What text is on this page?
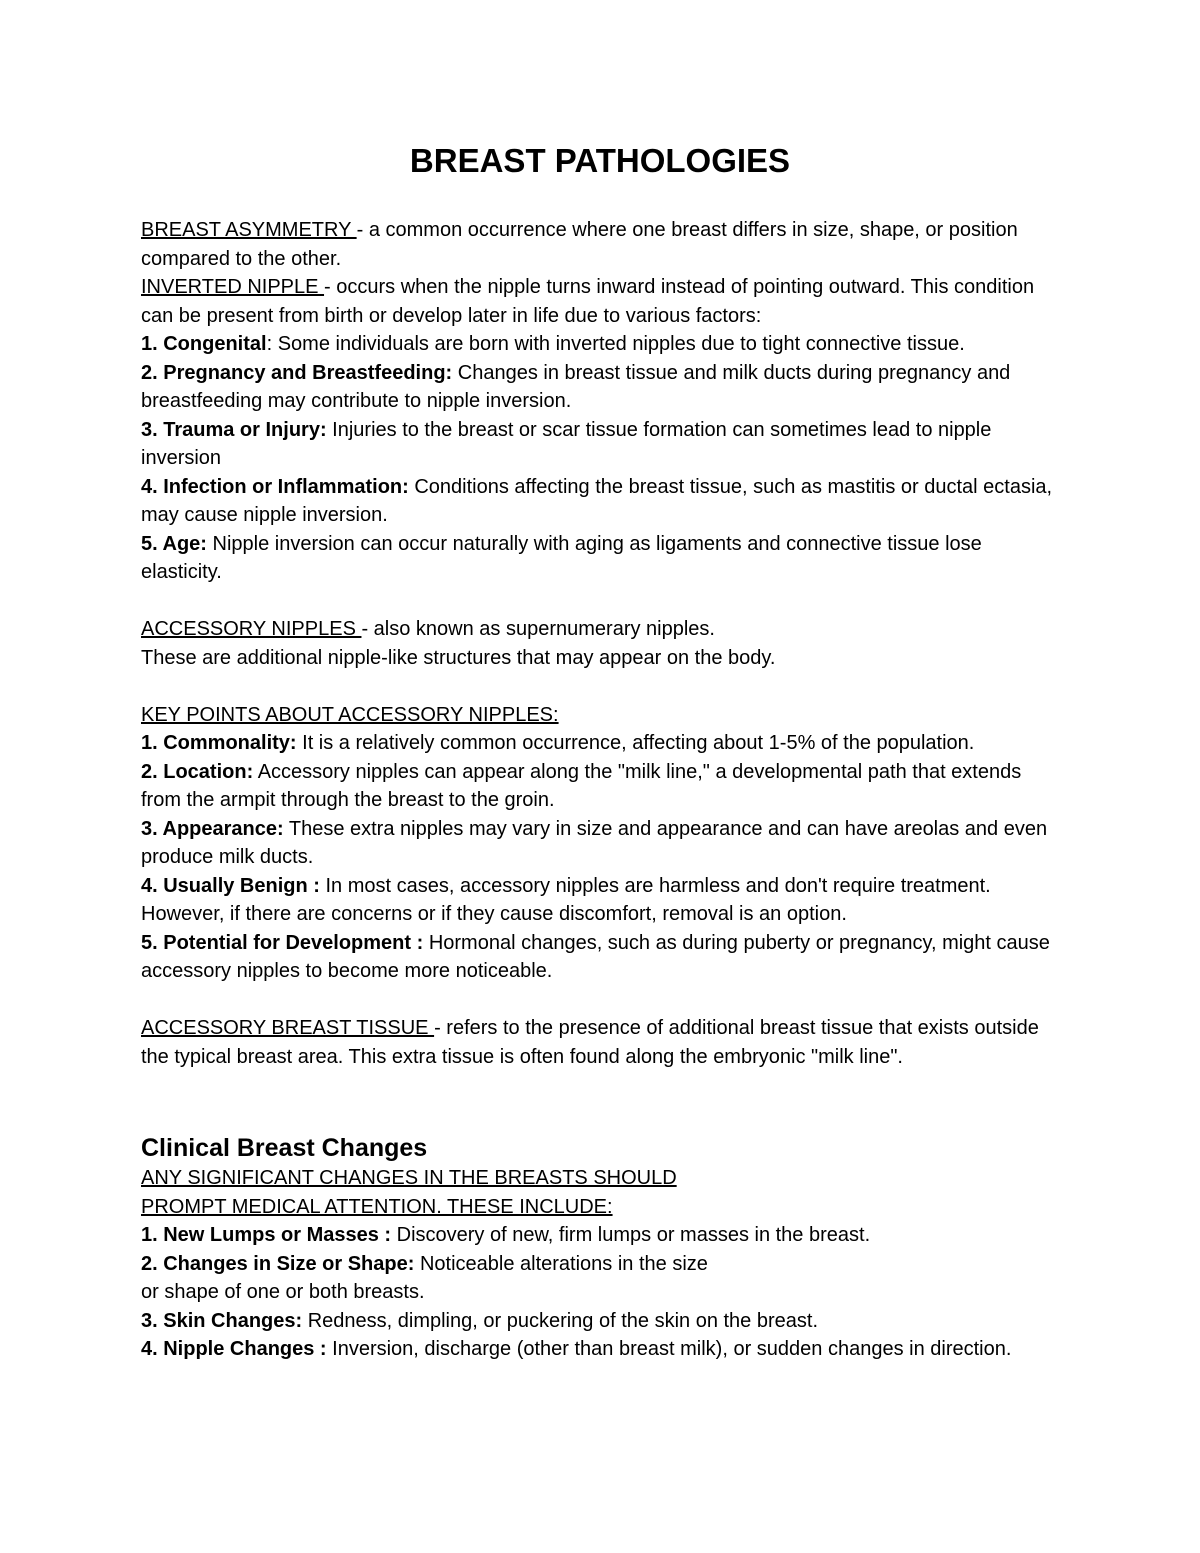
BREAST PATHOLOGIES

BREAST ASYMMETRY - a common occurrence where one breast differs in size, shape, or position compared to the other.

INVERTED NIPPLE - occurs when the nipple turns inward instead of pointing outward. This condition can be present from birth or develop later in life due to various factors:

1. Congenital: Some individuals are born with inverted nipples due to tight connective tissue.

2. Pregnancy and Breastfeeding: Changes in breast tissue and milk ducts during pregnancy and breastfeeding may contribute to nipple inversion.

3. Trauma or Injury: Injuries to the breast or scar tissue formation can sometimes lead to nipple inversion

4. Infection or Inflammation: Conditions affecting the breast tissue, such as mastitis or ductal ectasia, may cause nipple inversion.

5. Age: Nipple inversion can occur naturally with aging as ligaments and connective tissue lose elasticity.

ACCESSORY NIPPLES - also known as supernumerary nipples.

These are additional nipple-like structures that may appear on the body.

KEY POINTS ABOUT ACCESSORY NIPPLES:

1. Commonality: It is a relatively common occurrence, affecting about 1-5% of the population.

2. Location: Accessory nipples can appear along the "milk line," a developmental path that extends from the armpit through the breast to the groin.

3. Appearance: These extra nipples may vary in size and appearance and can have areolas and even produce milk ducts.

4. Usually Benign : In most cases, accessory nipples are harmless and don't require treatment. However, if there are concerns or if they cause discomfort, removal is an option.

5. Potential for Development : Hormonal changes, such as during puberty or pregnancy, might cause accessory nipples to become more noticeable.

ACCESSORY BREAST TISSUE - refers to the presence of additional breast tissue that exists outside the typical breast area. This extra tissue is often found along the embryonic "milk line".

Clinical Breast Changes

ANY SIGNIFICANT CHANGES IN THE BREASTS SHOULD

PROMPT MEDICAL ATTENTION. THESE INCLUDE:

1. New Lumps or Masses : Discovery of new, firm lumps or masses in the breast.

2. Changes in Size or Shape: Noticeable alterations in the size

or shape of one or both breasts.

3. Skin Changes: Redness, dimpling, or puckering of the skin on the breast.

4. Nipple Changes : Inversion, discharge (other than breast milk), or sudden changes in direction.
